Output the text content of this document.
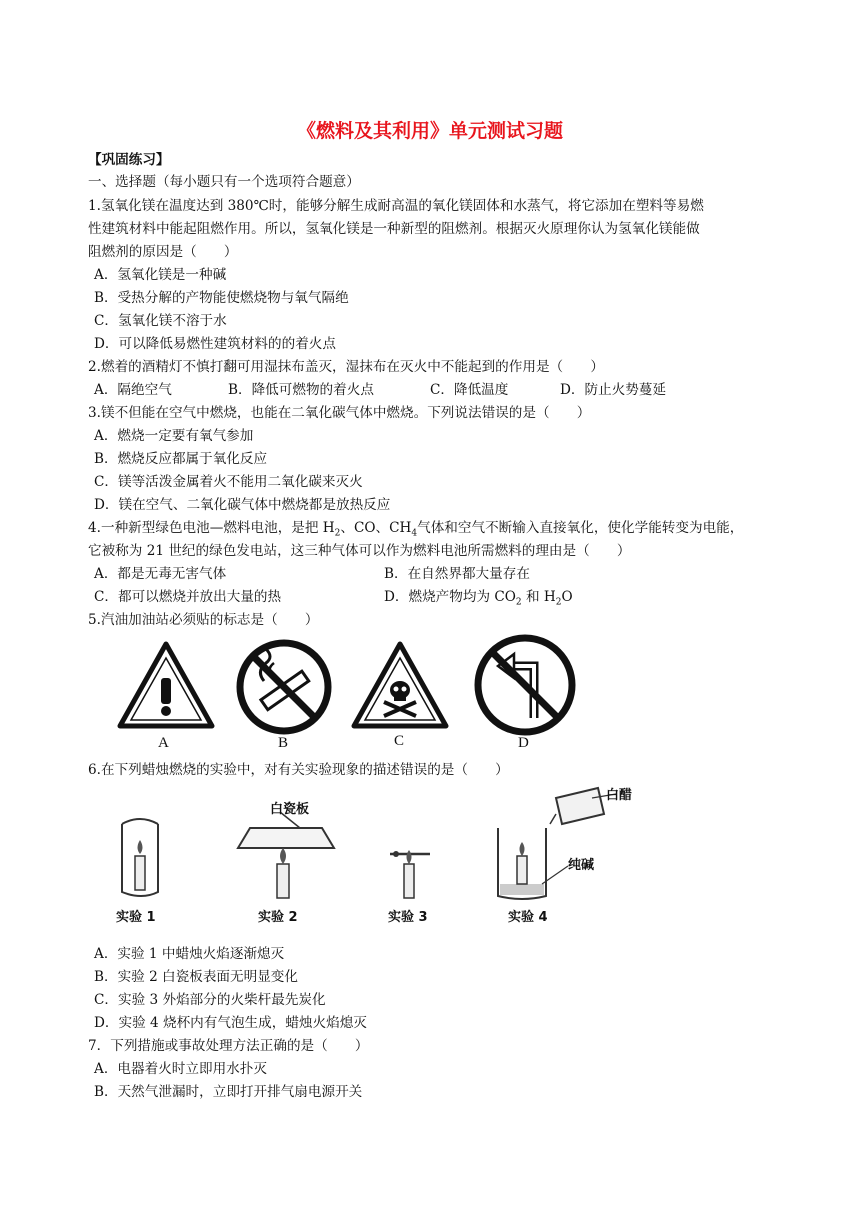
《燃料及其利用》单元测试习题
【巩固练习】
一、选择题（每小题只有一个选项符合题意）
1.氢氧化镁在温度达到 380℃时，能够分解生成耐高温的氧化镁固体和水蒸气，将它添加在塑料等易燃
性建筑材料中能起阻燃作用。所以，氢氧化镁是一种新型的阻燃剂。根据灭火原理你认为氢氧化镁能做
阻燃剂的原因是（　　）
A．氢氧化镁是一种碱
B．受热分解的产物能使燃烧物与氧气隔绝
C．氢氧化镁不溶于水
D．可以降低易燃性建筑材料的的着火点
2.燃着的酒精灯不慎打翻可用湿抹布盖灭，湿抹布在灭火中不能起到的作用是（　　）
A．隔绝空气	B．降低可燃物的着火点	C．降低温度	D．防止火势蔓延
3.镁不但能在空气中燃烧，也能在二氧化碳气体中燃烧。下列说法错误的是（　　）
A．燃烧一定要有氧气参加
B．燃烧反应都属于氧化反应
C．镁等活泼金属着火不能用二氧化碳来灭火
D．镁在空气、二氧化碳气体中燃烧都是放热反应
4.一种新型绿色电池—燃料电池，是把 $H_2$、CO、$CH_4$气体和空气不断输入直接氧化，使化学能转变为电能，
它被称为 21 世纪的绿色发电站，这三种气体可以作为燃料电池所需燃料的理由是（　　）
A．都是无毒无害气体	B．在自然界都大量存在
C．都可以燃烧并放出大量的热	D．燃烧产物均为 $CO_2$ 和 $H_2O$
5.汽油加油站必须贴的标志是（　　）
A	B	C	D
6.在下列蜡烛燃烧的实验中，对有关实验现象的描述错误的是（　　）
白瓷板
白醋
纯碱
实验 1	实验 2	实验 3	实验 4
A．实验 1 中蜡烛火焰逐渐熄灭
B．实验 2 白瓷板表面无明显变化
C．实验 3 外焰部分的火柴杆最先炭化
D．实验 4 烧杯内有气泡生成，蜡烛火焰熄灭
7．下列措施或事故处理方法正确的是（　　）
A．电器着火时立即用水扑灭
B．天然气泄漏时，立即打开排气扇电源开关
